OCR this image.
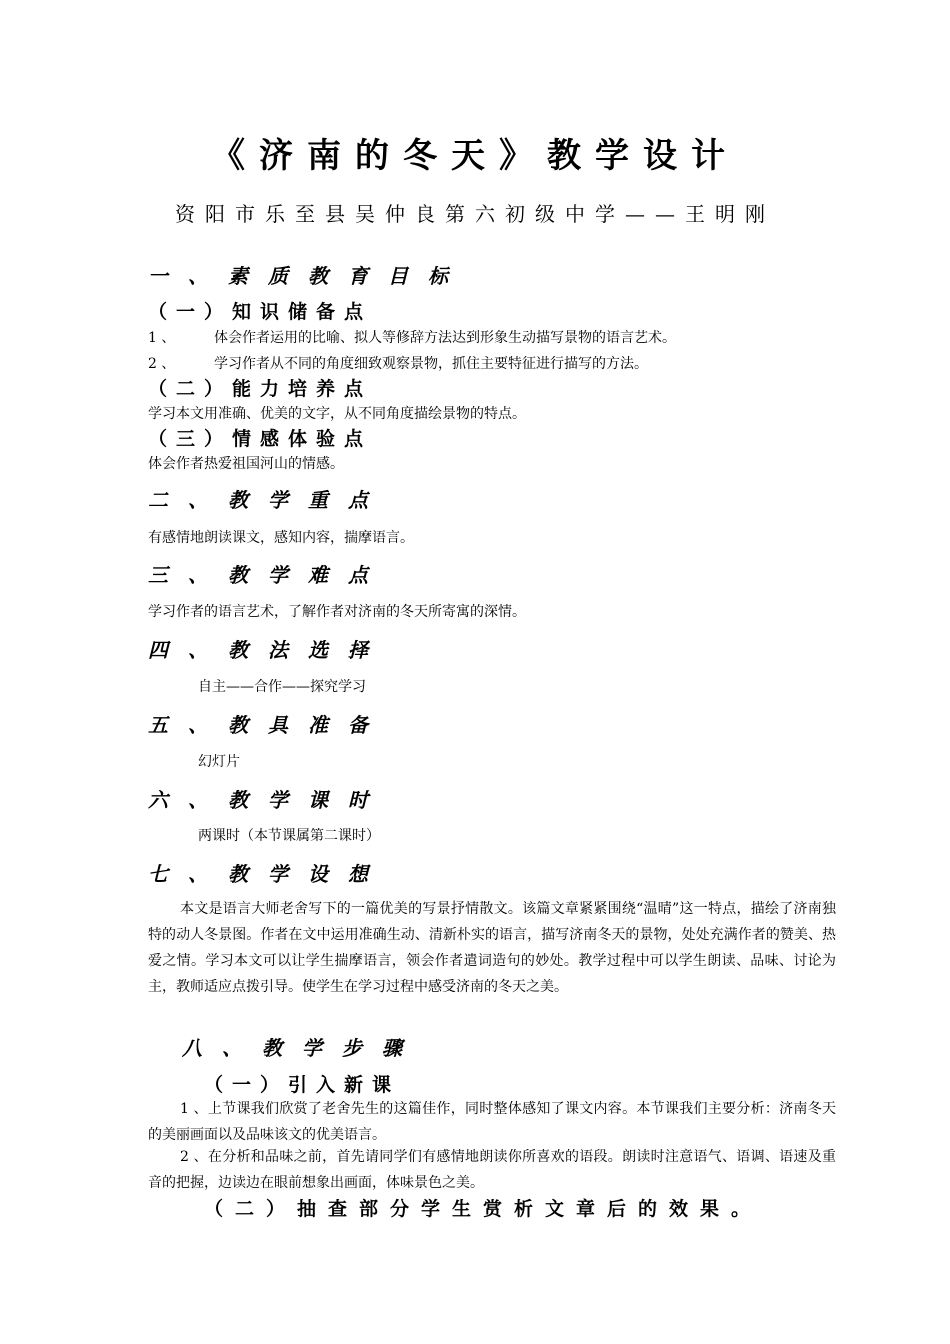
《济南的冬天》教学设计
资阳市乐至县吴仲良第六初级中学——王明刚
一、素质教育目标
（一）知识储备点
1 、	体会作者运用的比喻、拟人等修辞方法达到形象生动描写景物的语言艺术。
2 、	学习作者从不同的角度细致观察景物，抓住主要特征进行描写的方法。
（二）能力培养点
学习本文用准确、优美的文字，从不同角度描绘景物的特点。
（三）情感体验点
体会作者热爱祖国河山的情感。
二、教学重点
有感情地朗读课文，感知内容，揣摩语言。
三、教学难点
学习作者的语言艺术，了解作者对济南的冬天所寄寓的深情。
四、教法选择
自主——合作——探究学习
五、教具准备
幻灯片
六、教学课时
两课时（本节课属第二课时）
七、教学设想
本文是语言大师老舍写下的一篇优美的写景抒情散文。该篇文章紧紧围绕“温晴”这一特点，描绘了济南独特的动人冬景图。作者在文中运用准确生动、清新朴实的语言，描写济南冬天的景物，处处充满作者的赞美、热爱之情。学习本文可以让学生揣摩语言，领会作者遣词造句的妙处。教学过程中可以学生朗读、品味、讨论为主，教师适应点拨引导。使学生在学习过程中感受济南的冬天之美。
八、教学步骤
（一）引入新课
1 、上节课我们欣赏了老舍先生的这篇佳作，同时整体感知了课文内容。本节课我们主要分析：济南冬天的美丽画面以及品味该文的优美语言。
2 、在分析和品味之前，首先请同学们有感情地朗读你所喜欢的语段。朗读时注意语气、语调、语速及重音的把握，边读边在眼前想象出画面，体味景色之美。
（二）抽查部分学生赏析文章后的效果。
